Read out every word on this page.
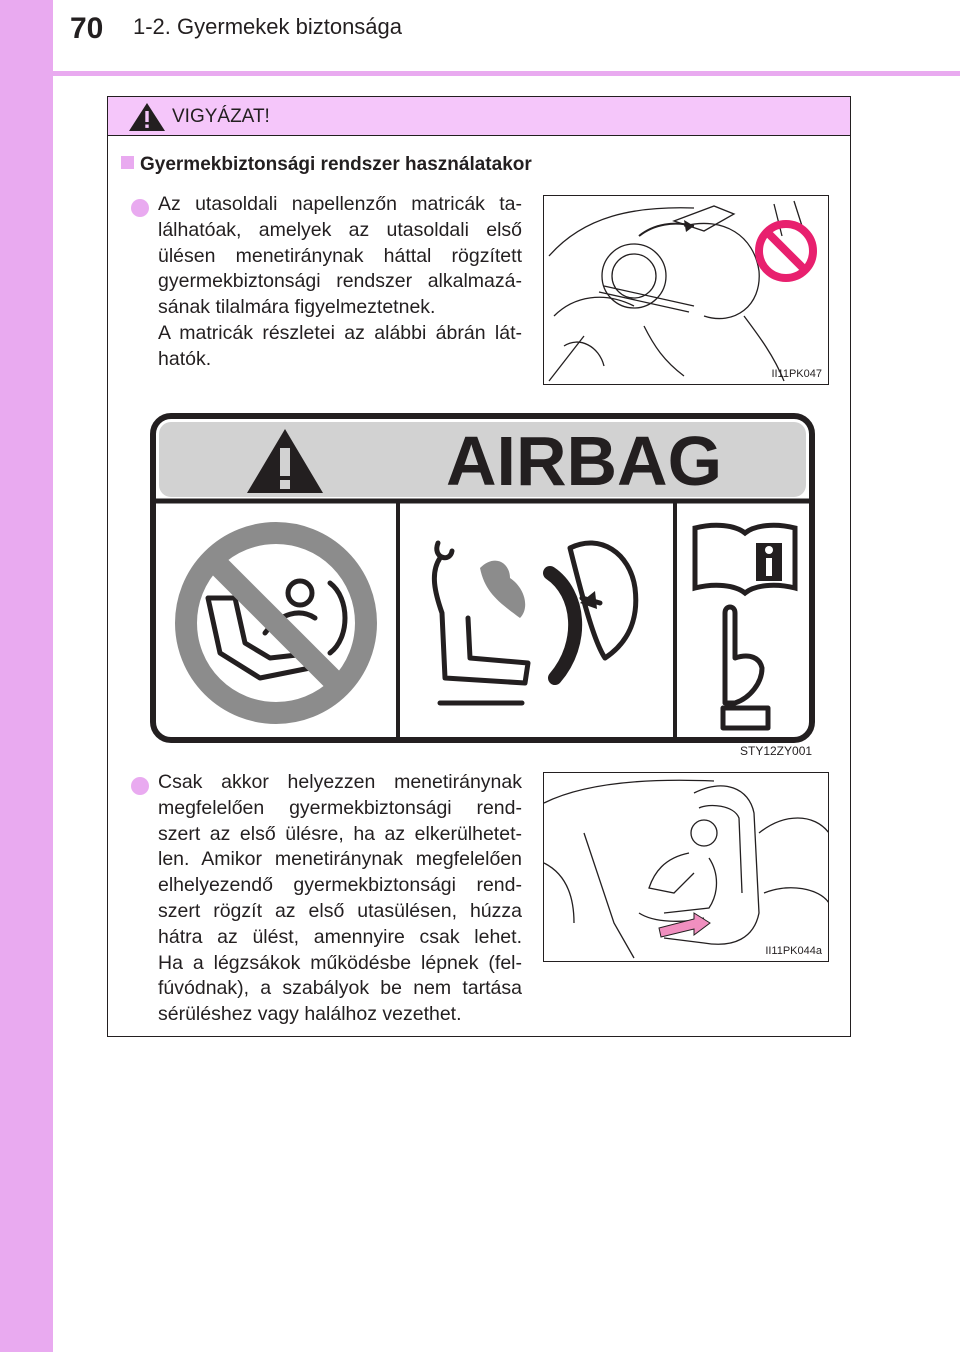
70 1-2. Gyermekek biztonsága
VIGYÁZAT!
Gyermekbiztonsági rendszer használatakor
Az utasoldali napellenzőn matricák ta-
lálhatóak, amelyek az utasoldali első
ülésen menetiránynak háttal rögzített
gyermekbiztonsági rendszer alkalmazá-
sának tilalmára figyelmeztetnek.
A matricák részletei az alábbi ábrán lát-
hatók.
II11PK047
AIRBAG
STY12ZY001
Csak akkor helyezzen menetiránynak
megfelelően gyermekbiztonsági rend-
szert az első ülésre, ha az elkerülhetet-
len. Amikor menetiránynak megfelelően
elhelyezendő gyermekbiztonsági rend-
szert rögzít az első utasülésen, húzza
hátra az ülést, amennyire csak lehet.
Ha a légzsákok működésbe lépnek (fel-
fúvódnak), a szabályok be nem tartása
sérüléshez vagy halálhoz vezethet.
II11PK044a
